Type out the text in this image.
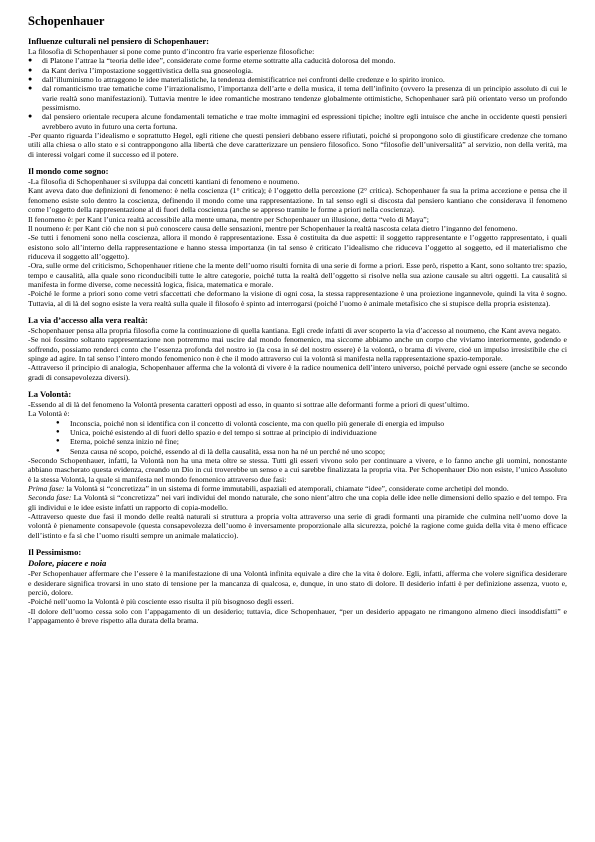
Schopenhauer
Influenze culturali nel pensiero di Schopenhauer:

La filosofia di Schopenhauer si pone come punto d’incontro fra varie esperienze filosofiche:

● di Platone l’attrae la “teoria delle idee”, considerate come forme eterne sottratte alla caducità dolorosa del mondo.
● da Kant deriva l’impostazione soggettivistica della sua gnoseologia.
● dall’illuminismo lo attraggono le idee materialistiche, la tendenza demistificatrice nei confronti delle credenze e lo spirito ironico.
● dal romanticismo trae tematiche come l’irrazionalismo, l’importanza dell’arte e della musica, il tema dell’infinito (ovvero la presenza di un principio assoluto di cui le varie realtà sono manifestazioni). Tuttavia mentre le idee romantiche mostrano tendenze globalmente ottimistiche, Schopenhauer sarà più orientato verso un profondo pessimismo.
● dal pensiero orientale recupera alcune fondamentali tematiche e trae molte immagini ed espressioni tipiche; inoltre egli intuisce che anche in occidente questi pensieri avrebbero avuto in futuro una certa fortuna.

-Per quanto riguarda l’idealismo e soprattutto Hegel, egli ritiene che questi pensieri debbano essere rifiutati, poiché si propongono solo di giustificare credenze che tornano utili alla chiesa o allo stato e si contrappongono alla libertà che deve caratterizzare un pensiero filosofico. Sono “filosofie dell’universalità” al servizio, non della verità, ma di interessi volgari come il successo ed il potere.

Il mondo come sogno:

-La filosofia di Schopenhauer si sviluppa dai concetti kantiani di fenomeno e noumeno.

Kant aveva dato due definizioni di fenomeno: è nella coscienza (1° critica); è l’oggetto della percezione (2° critica). Schopenhauer fa sua la prima accezione e pensa che il fenomeno esiste solo dentro la coscienza, definendo il mondo come una rappresentazione. In tal senso egli si discosta dal pensiero kantiano che considerava il fenomeno come l’oggetto della rappresentazione al di fuori della coscienza (anche se appreso tramite le forme a priori nella coscienza).

Il fenomeno è: per Kant l’unica realtà accessibile alla mente umana, mentre per Schopenhauer un illusione, detta “velo di Maya”;

Il noumeno è: per Kant ciò che non si può conoscere causa delle sensazioni, mentre per Schopenhauer la realtà nascosta celata dietro l’inganno del fenomeno.

-Se tutti i fenomeni sono nella coscienza, allora il mondo è rappresentazione. Essa è costituita da due aspetti: il soggetto rappresentante e l’oggetto rappresentato, i quali esistono solo all’interno della rappresentazione e hanno stessa importanza (in tal senso è criticato l’idealismo che riduceva l’oggetto al soggetto, ed il materialismo che riduceva il soggetto all’oggetto).

-Ora, sulle orme del criticismo, Schopenhauer ritiene che la mente dell’uomo risulti fornita di una serie di forme a priori. Esse però, rispetto a Kant, sono soltanto tre: spazio, tempo e causalità, alla quale sono riconducibili tutte le altre categorie, poiché tutta la realtà dell’oggetto si risolve nella sua azione causale su altri oggetti. La causalità si manifesta in forme diverse, come necessità logica, fisica, matematica e morale.

-Poiché le forme a priori sono come vetri sfaccettati che deformano la visione di ogni cosa, la stessa rappresentazione è una proiezione ingannevole, quindi la vita è sogno. Tuttavia, al di là del sogno esiste la vera realtà sulla quale il filosofo è spinto ad interrogarsi (poiché l’uomo è animale metafisico che si stupisce della propria esistenza).

La via d’accesso alla vera realtà:

-Schopenhauer pensa alla propria filosofia come la continuazione di quella kantiana. Egli crede infatti di aver scoperto la via d’accesso al noumeno, che Kant aveva negato.

-Se noi fossimo soltanto rappresentazione non potremmo mai uscire dal mondo fenomenico, ma siccome abbiamo anche un corpo che viviamo interiormente, godendo e soffrendo, possiamo renderci conto che l’essenza profonda del nostro io (la cosa in sé del nostro essere) è la volontà, o brama di vivere, cioè un impulso irresistibile che ci spinge ad agire. In tal senso l’intero mondo fenomenico non è che il modo attraverso cui la volontà si manifesta nella rappresentazione spazio-temporale.

-Attraverso il principio di analogia, Schopenhauer afferma che la volontà di vivere è la radice noumenica dell’intero universo, poiché pervade ogni essere (anche se secondo gradi di consapevolezza diversi).

La Volontà:

-Essendo al di là del fenomeno la Volontà presenta caratteri opposti ad esso, in quanto si sottrae alle deformanti forme a priori di quest’ultimo.

La Volontà è:

● Inconscia, poiché non si identifica con il concetto di volontà cosciente, ma con quello più generale di energia ed impulso
● Unica, poiché esistendo al di fuori dello spazio e del tempo si sottrae al principio di individuazione
● Eterna, poiché senza inizio né fine;
● Senza causa né scopo, poiché, essendo al di là della causalità, essa non ha né un perché né uno scopo;

-Secondo Schopenhauer, infatti, la Volontà non ha una meta oltre se stessa. Tutti gli esseri vivono solo per continuare a vivere, e lo fanno anche gli uomini, nonostante abbiano mascherato questa evidenza, creando un Dio in cui troverebbe un senso e a cui sarebbe finalizzata la propria vita. Per Schopenhauer Dio non esiste, l’unico Assoluto è la stessa Volontà, la quale si manifesta nel mondo fenomenico attraverso due fasi:

Prima fase: la Volontà si “concretizza” in un sistema di forme immutabili, aspaziali ed atemporali, chiamate “idee”, considerate come archetipi del mondo.

Seconda fase: La Volontà si “concretizza” nei vari individui del mondo naturale, che sono nient’altro che una copia delle idee nelle dimensioni dello spazio e del tempo. Fra gli individui e le idee esiste infatti un rapporto di copia-modello.

-Attraverso queste due fasi il mondo delle realtà naturali si struttura a propria volta attraverso una serie di gradi formanti una piramide che culmina nell’uomo dove la volontà è pienamente consapevole (questa consapevolezza dell’uomo è inversamente proporzionale alla sicurezza, poiché la ragione come guida della vita è meno efficace dell’istinto e fa sì che l’uomo risulti sempre un animale malaticcio).

Il Pessimismo:
Dolore, piacere e noia

-Per Schopenhauer affermare che l’essere è la manifestazione di una Volontà infinita equivale a dire che la vita è dolore. Egli, infatti, afferma che volere significa desiderare e desiderare significa trovarsi in uno stato di tensione per la mancanza di qualcosa, e, dunque, in uno stato di dolore. Il desiderio infatti è per definizione assenza, vuoto e, perciò, dolore.

-Poiché nell’uomo la Volontà è più cosciente esso risulta il più bisognoso degli esseri.

-Il dolore dell’uomo cessa solo con l’appagamento di un desiderio; tuttavia, dice Schopenhauer, “per un desiderio appagato ne rimangono almeno dieci insoddisfatti” e l’appagamento è breve rispetto alla durata della brama.
